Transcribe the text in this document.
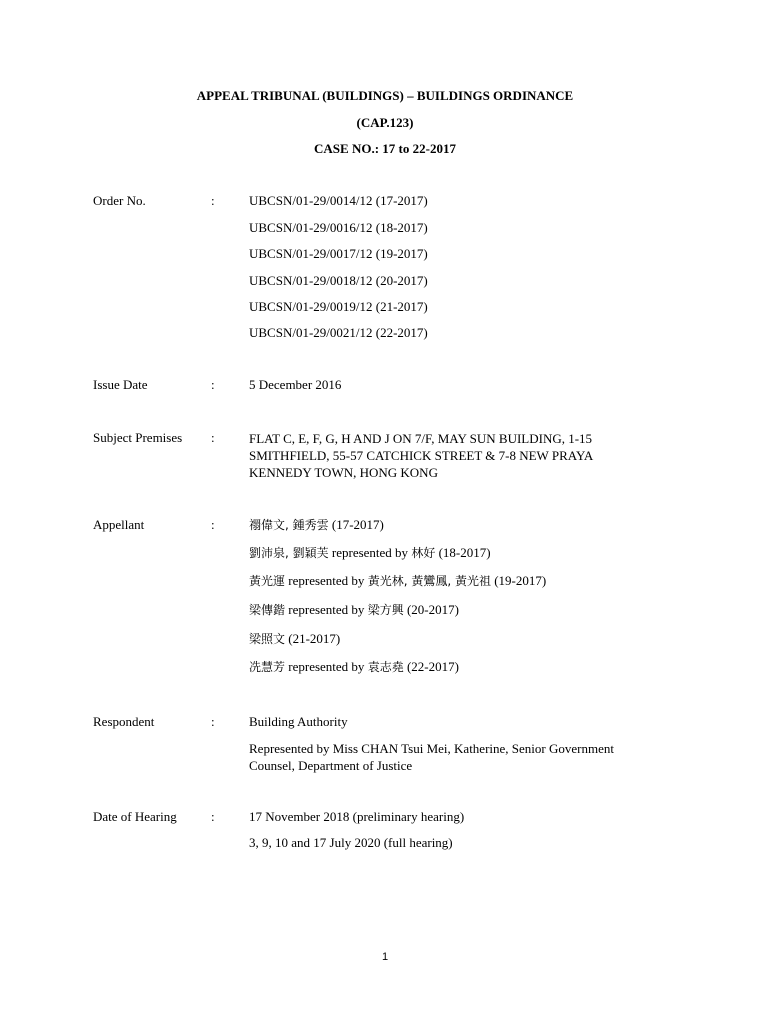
APPEAL TRIBUNAL (BUILDINGS) – BUILDINGS ORDINANCE
(CAP.123)
CASE NO.: 17 to 22-2017
Order No.	:	UBCSN/01-29/0014/12 (17-2017)
UBCSN/01-29/0016/12 (18-2017)
UBCSN/01-29/0017/12 (19-2017)
UBCSN/01-29/0018/12 (20-2017)
UBCSN/01-29/0019/12 (21-2017)
UBCSN/01-29/0021/12 (22-2017)
Issue Date	:	5 December 2016
Subject Premises :	FLAT C, E, F, G, H AND J ON 7/F, MAY SUN BUILDING, 1-15 SMITHFIELD, 55-57 CATCHICK STREET & 7-8 NEW PRAYA KENNEDY TOWN, HONG KONG
Appellant	:	禤偉文, 鍾秀雲 (17-2017)
劉沛泉, 劉穎芙 represented by 林好 (18-2017)
黃光運 represented by 黃光林, 黃鸞鳳, 黃光祖 (19-2017)
梁傳鍇 represented by 梁方興 (20-2017)
梁照文 (21-2017)
冼慧芳 represented by 袁志堯 (22-2017)
Respondent	:	Building Authority
Represented by Miss CHAN Tsui Mei, Katherine, Senior Government Counsel, Department of Justice
Date of Hearing	:	17 November 2018 (preliminary hearing)
3, 9, 10 and 17 July 2020 (full hearing)
1
